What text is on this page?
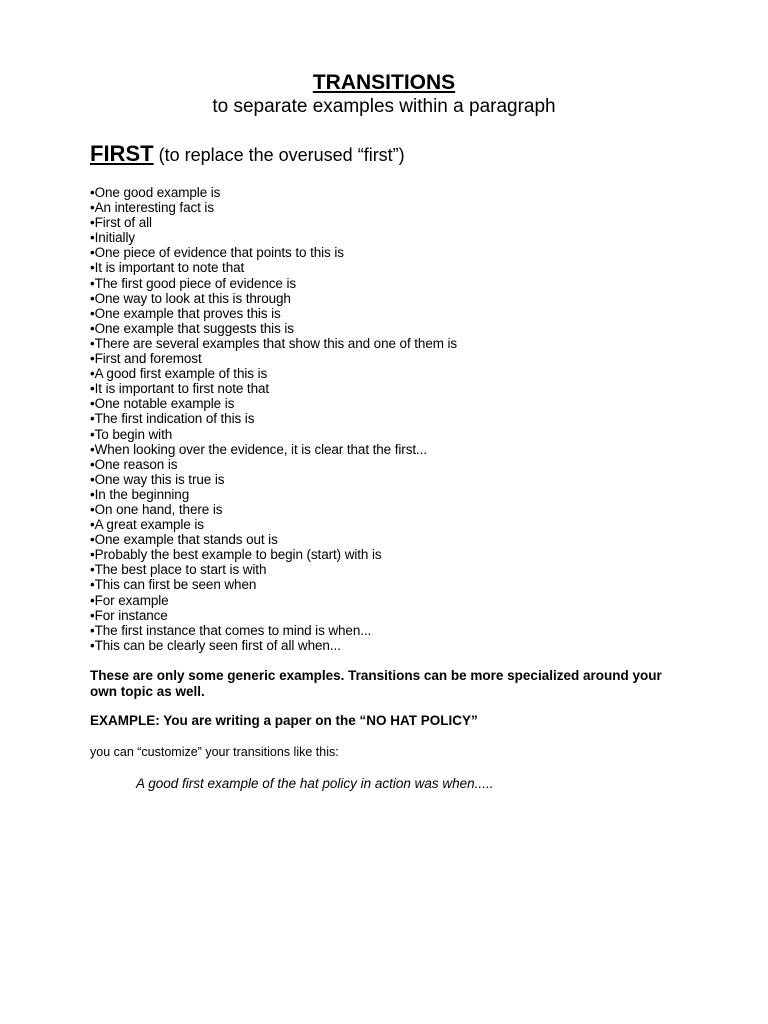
TRANSITIONS

to separate examples within a paragraph

FIRST (to replace the overused “first”)

•One good example is
•An interesting fact is
•First of all
•Initially
•One piece of evidence that points to this is
•It is important to note that
•The first good piece of evidence is
•One way to look at this is through
•One example that proves this is
•One example that suggests this is
•There are several examples that show this and one of them is
•First and foremost
•A good first example of this is
•It is important to first note that
•One notable example is
•The first indication of this is
•To begin with
•When looking over the evidence, it is clear that the first...
•One reason is
•One way this is true is
•In the beginning
•On one hand, there is
•A great example is
•One example that stands out is
•Probably the best example to begin (start) with is
•The best place to start is with
•This can first be seen when
•For example
•For instance
•The first instance that comes to mind is when...
•This can be clearly seen first of all when...

These are only some generic examples. Transitions can be more specialized around your own topic as well.

EXAMPLE: You are writing a paper on the “NO HAT POLICY”

you can “customize” your transitions like this:

A good first example of the hat policy in action was when.....
